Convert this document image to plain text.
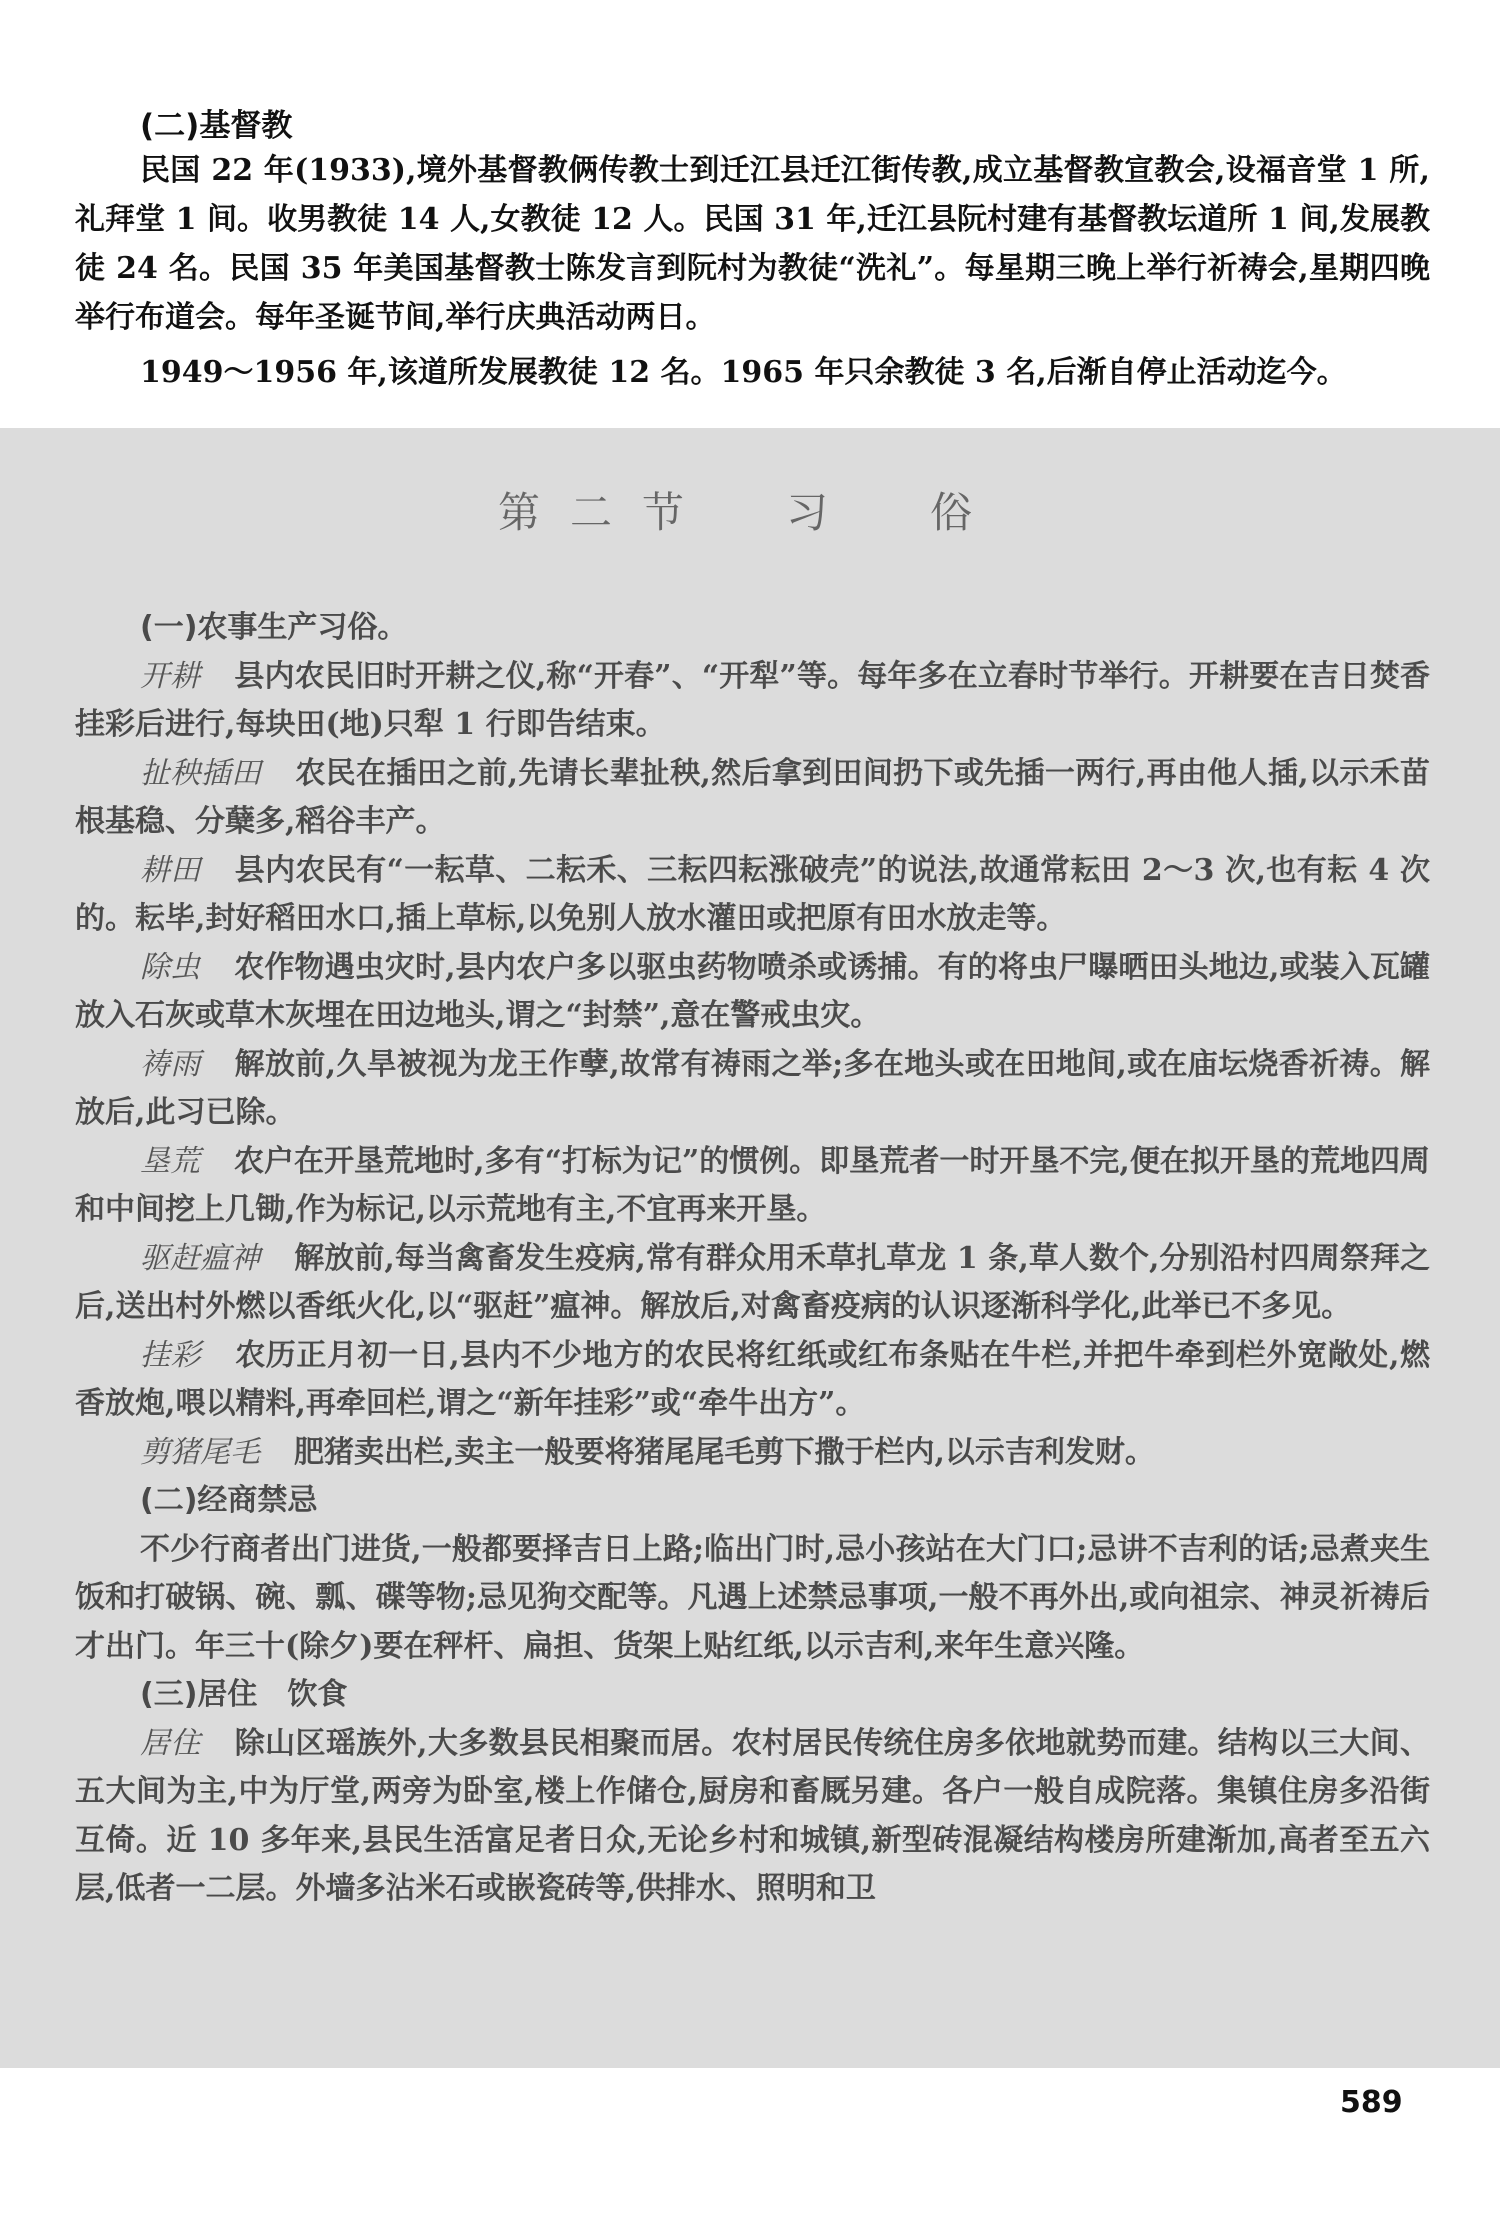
(二)基督教

民国 22 年(1933),境外基督教俩传教士到迁江县迁江街传教,成立基督教宣教会,设福音堂 1 所,礼拜堂 1 间。收男教徒 14 人,女教徒 12 人。民国 31 年,迁江县阮村建有基督教坛道所 1 间,发展教徒 24 名。民国 35 年美国基督教士陈发言到阮村为教徒“洗礼”。每星期三晚上举行祈祷会,星期四晚举行布道会。每年圣诞节间,举行庆典活动两日。

1949～1956 年,该道所发展教徒 12 名。1965 年只余教徒 3 名,后渐自停止活动迄今。

第二节　习　俗

(一)农事生产习俗。

开耕 县内农民旧时开耕之仪,称“开春”、“开犁”等。每年多在立春时节举行。开耕要在吉日焚香挂彩后进行,每块田(地)只犁 1 行即告结束。

扯秧插田 农民在插田之前,先请长辈扯秧,然后拿到田间扔下或先插一两行,再由他人插,以示禾苗根基稳、分蘖多,稻谷丰产。

耕田 县内农民有“一耘草、二耘禾、三耘四耘涨破壳”的说法,故通常耘田 2～3 次,也有耘 4 次的。耘毕,封好稻田水口,插上草标,以免别人放水灌田或把原有田水放走等。

除虫 农作物遇虫灾时,县内农户多以驱虫药物喷杀或诱捕。有的将虫尸曝晒田头地边,或装入瓦罐放入石灰或草木灰埋在田边地头,谓之“封禁”,意在警戒虫灾。

祷雨 解放前,久旱被视为龙王作孽,故常有祷雨之举;多在地头或在田地间,或在庙坛烧香祈祷。解放后,此习已除。

垦荒 农户在开垦荒地时,多有“打标为记”的惯例。即垦荒者一时开垦不完,便在拟开垦的荒地四周和中间挖上几锄,作为标记,以示荒地有主,不宜再来开垦。

驱赶瘟神 解放前,每当禽畜发生疫病,常有群众用禾草扎草龙 1 条,草人数个,分别沿村四周祭拜之后,送出村外燃以香纸火化,以“驱赶”瘟神。解放后,对禽畜疫病的认识逐渐科学化,此举已不多见。

挂彩 农历正月初一日,县内不少地方的农民将红纸或红布条贴在牛栏,并把牛牵到栏外宽敞处,燃香放炮,喂以精料,再牵回栏,谓之“新年挂彩”或“牵牛出方”。

剪猪尾毛 肥猪卖出栏,卖主一般要将猪尾尾毛剪下撒于栏内,以示吉利发财。

(二)经商禁忌

不少行商者出门进货,一般都要择吉日上路;临出门时,忌小孩站在大门口;忌讲不吉利的话;忌煮夹生饭和打破锅、碗、瓢、碟等物;忌见狗交配等。凡遇上述禁忌事项,一般不再外出,或向祖宗、神灵祈祷后才出门。年三十(除夕)要在秤杆、扁担、货架上贴红纸,以示吉利,来年生意兴隆。

(三)居住　饮食

居住 除山区瑶族外,大多数县民相聚而居。农村居民传统住房多依地就势而建。结构以三大间、五大间为主,中为厅堂,两旁为卧室,楼上作储仓,厨房和畜厩另建。各户一般自成院落。集镇住房多沿街互倚。近 10 多年来,县民生活富足者日众,无论乡村和城镇,新型砖混凝结构楼房所建渐加,高者至五六层,低者一二层。外墙多沾米石或嵌瓷砖等,供排水、照明和卫

589
